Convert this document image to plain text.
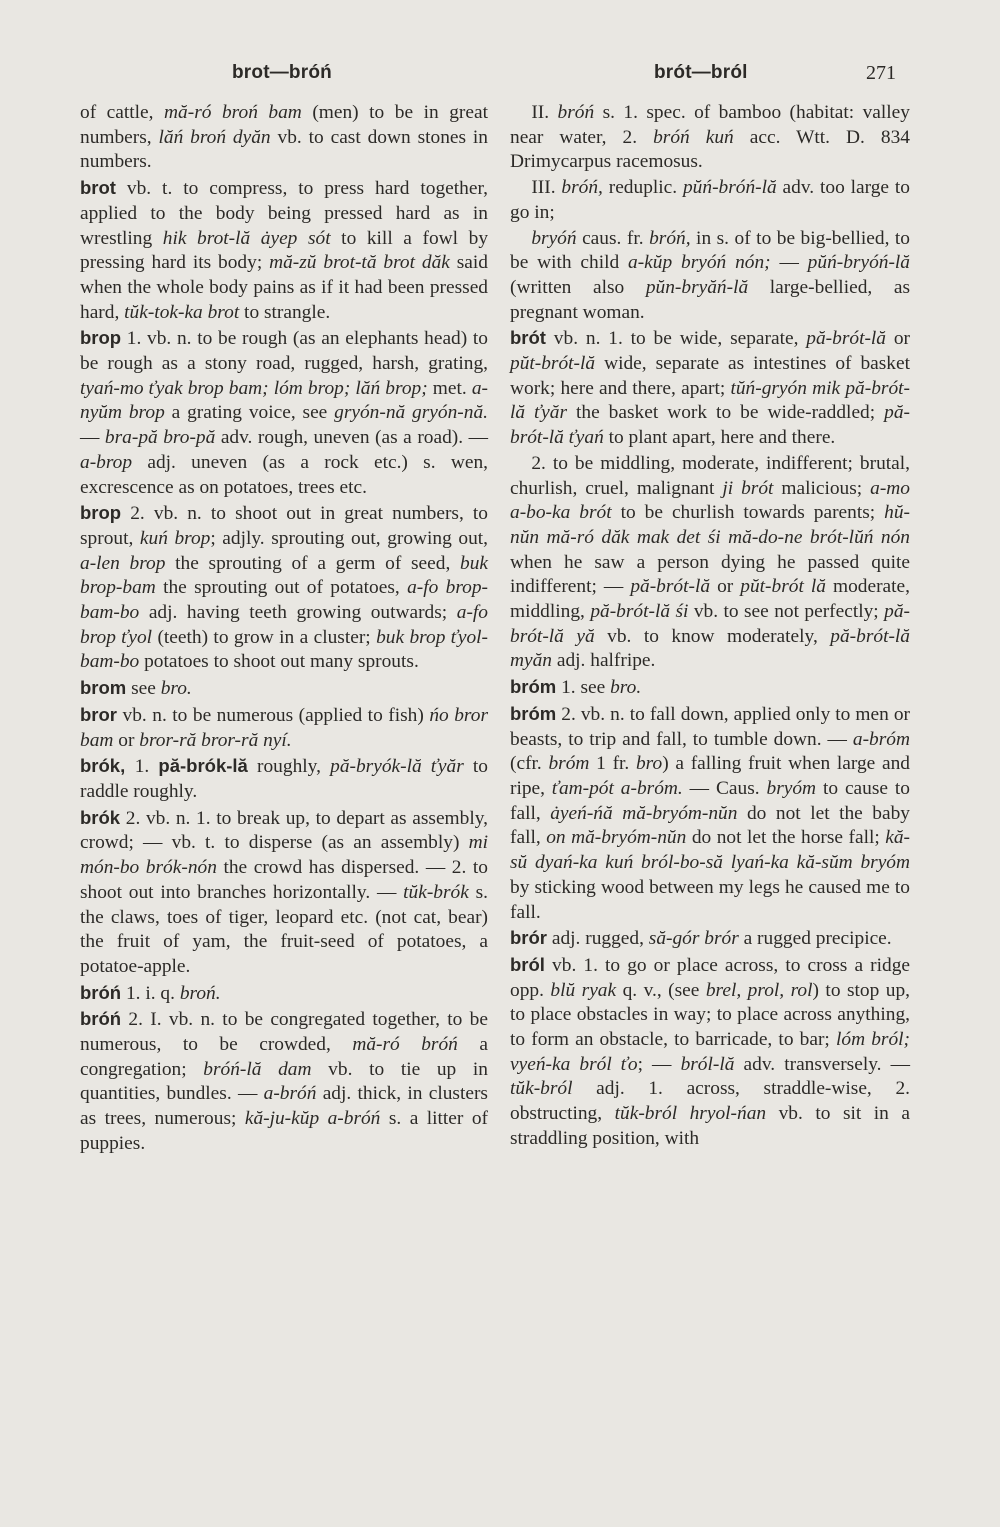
brot—bróń	brót—bról	271

of cattle, mă-ró broń bam (men) to be in great numbers, lăń broń dyăn vb. to cast down stones in numbers.

brot vb. t. to compress, to press hard together, applied to the body being pressed hard as in wrestling hik brot-lă ȧyep sót to kill a fowl by pressing hard its body; mă-zŭ brot-tă brot dăk said when the whole body pains as if it had been pressed hard, tŭk-tok-ka brot to strangle.

brop 1. vb. n. to be rough (as an elephants head) to be rough as a stony road, rugged, harsh, grating, tyań-mo ťyak brop bam; lóm brop; lăń brop; met. a-nyŭm brop a grating voice, see gryón-nă gryón-nă. — bra-pă bro-pă adv. rough, uneven (as a road). — a-brop adj. uneven (as a rock etc.) s. wen, excrescence as on potatoes, trees etc.

brop 2. vb. n. to shoot out in great numbers, to sprout, kuń brop; adjly. sprouting out, growing out, a-len brop the sprouting of a germ of seed, buk brop-bam the sprouting out of potatoes, a-fo brop-bam-bo adj. having teeth growing outwards; a-fo brop ťyol (teeth) to grow in a cluster; buk brop ťyol-bam-bo potatoes to shoot out many sprouts.

brom see bro.

bror vb. n. to be numerous (applied to fish) ńo bror bam or bror-ră bror-ră nyí.

brók, 1. pă-brók-lă roughly, pă-bryók-lă ťyăr to raddle roughly.

brók 2. vb. n. 1. to break up, to depart as assembly, crowd; — vb. t. to disperse (as an assembly) mi món-bo brók-nón the crowd has dispersed. — 2. to shoot out into branches horizontally. — tŭk-brók s. the claws, toes of tiger, leopard etc. (not cat, bear) the fruit of yam, the fruit-seed of potatoes, a potatoe-apple.

bróń 1. i. q. broń.

bróń 2. I. vb. n. to be congregated together, to be numerous, to be crowded, mă-ró bróń a congregation; bróń-lă dam vb. to tie up in quantities, bundles. — a-bróń adj. thick, in clusters as trees, numerous; kă-ju-kŭp a-bróń s. a litter of puppies.

II. bróń s. 1. spec. of bamboo (habitat: valley near water, 2. bróń kuń acc. Wtt. D. 834 Drimycarpus racemosus.

III. bróń, reduplic. pŭń-bróń-lă adv. too large to go in;

bryóń caus. fr. bróń, in s. of to be big-bellied, to be with child a-kŭp bryóń nón; — pŭń-bryóń-lă (written also pŭn-bryăń-lă large-bellied, as pregnant woman.

brót vb. n. 1. to be wide, separate, pă-brót-lă or pŭt-brót-lă wide, separate as intestines of basket work; here and there, apart; tŭń-gryón mik pă-brót-lă ťyăr the basket work to be wide-raddled; pă-brót-lă ťyań to plant apart, here and there.

2. to be middling, moderate, indifferent; brutal, churlish, cruel, malignant ji brót malicious; a-mo a-bo-ka brót to be churlish towards parents; hŭ-nŭn mă-ró dăk mak det śi mă-do-ne brót-lŭń nón when he saw a person dying he passed quite indifferent; — pă-brót-lă or pŭt-brót lă moderate, middling, pă-brót-lă śi vb. to see not perfectly; pă-brót-lă yă vb. to know moderately, pă-brót-lă myăn adj. halfripe.

bróm 1. see bro.

bróm 2. vb. n. to fall down, applied only to men or beasts, to trip and fall, to tumble down. — a-bróm (cfr. bróm 1 fr. bro) a falling fruit when large and ripe, ťam-pót a-bróm. — Caus. bryóm to cause to fall, ȧyeń-ńă mă-bryóm-nŭn do not let the baby fall, on mă-bryóm-nŭn do not let the horse fall; kă-sŭ dyań-ka kuń bról-bo-să lyań-ka kă-sŭm bryóm by sticking wood between my legs he caused me to fall.

brór adj. rugged, să-gór brór a rugged precipice.

bról vb. 1. to go or place across, to cross a ridge opp. blŭ ryak q. v., (see brel, prol, rol) to stop up, to place obstacles in way; to place across anything, to form an obstacle, to barricade, to bar; lóm bról; vyeń-ka bról ťo; — bról-lă adv. transversely. — tŭk-bról adj. 1. across, straddle-wise, 2. obstructing, tŭk-bról hryol-ńan vb. to sit in a straddling position, with
